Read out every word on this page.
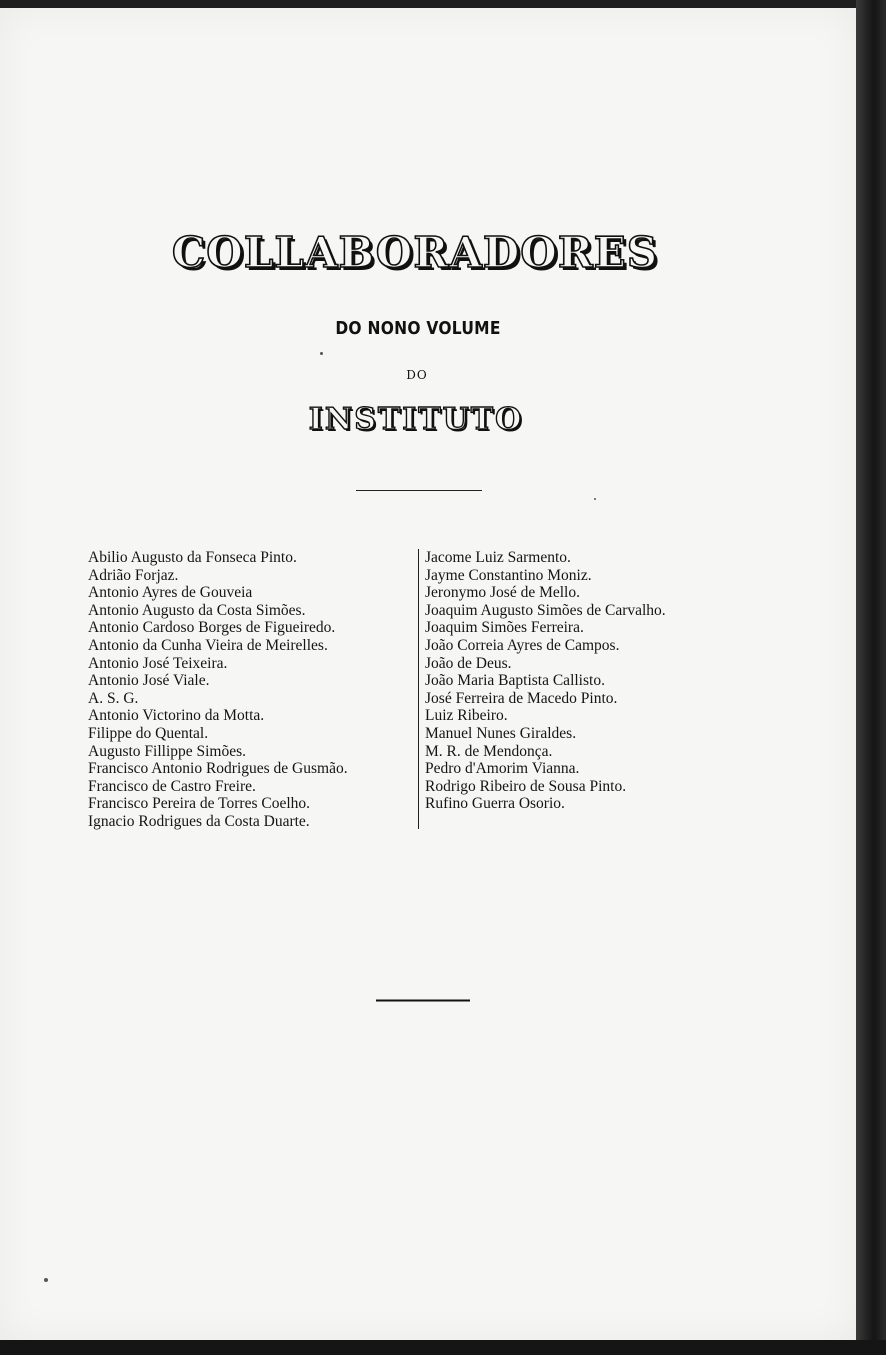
COLLABORADORES
DO NONO VOLUME
DO
INSTITUTO
Abilio Augusto da Fonseca Pinto.
Adrião Forjaz.
Antonio Ayres de Gouveia
Antonio Augusto da Costa Simões.
Antonio Cardoso Borges de Figueiredo.
Antonio da Cunha Vieira de Meirelles.
Antonio José Teixeira.
Antonio José Viale.
A. S. G.
Antonio Victorino da Motta.
Filippe do Quental.
Augusto Fillippe Simões.
Francisco Antonio Rodrigues de Gusmão.
Francisco de Castro Freire.
Francisco Pereira de Torres Coelho.
Ignacio Rodrigues da Costa Duarte.
Jacome Luiz Sarmento.
Jayme Constantino Moniz.
Jeronymo José de Mello.
Joaquim Augusto Simões de Carvalho.
Joaquim Simões Ferreira.
João Correia Ayres de Campos.
João de Deus.
João Maria Baptista Callisto.
José Ferreira de Macedo Pinto.
Luiz Ribeiro.
Manuel Nunes Giraldes.
M. R. de Mendonça.
Pedro d'Amorim Vianna.
Rodrigo Ribeiro de Sousa Pinto.
Rufino Guerra Osorio.
